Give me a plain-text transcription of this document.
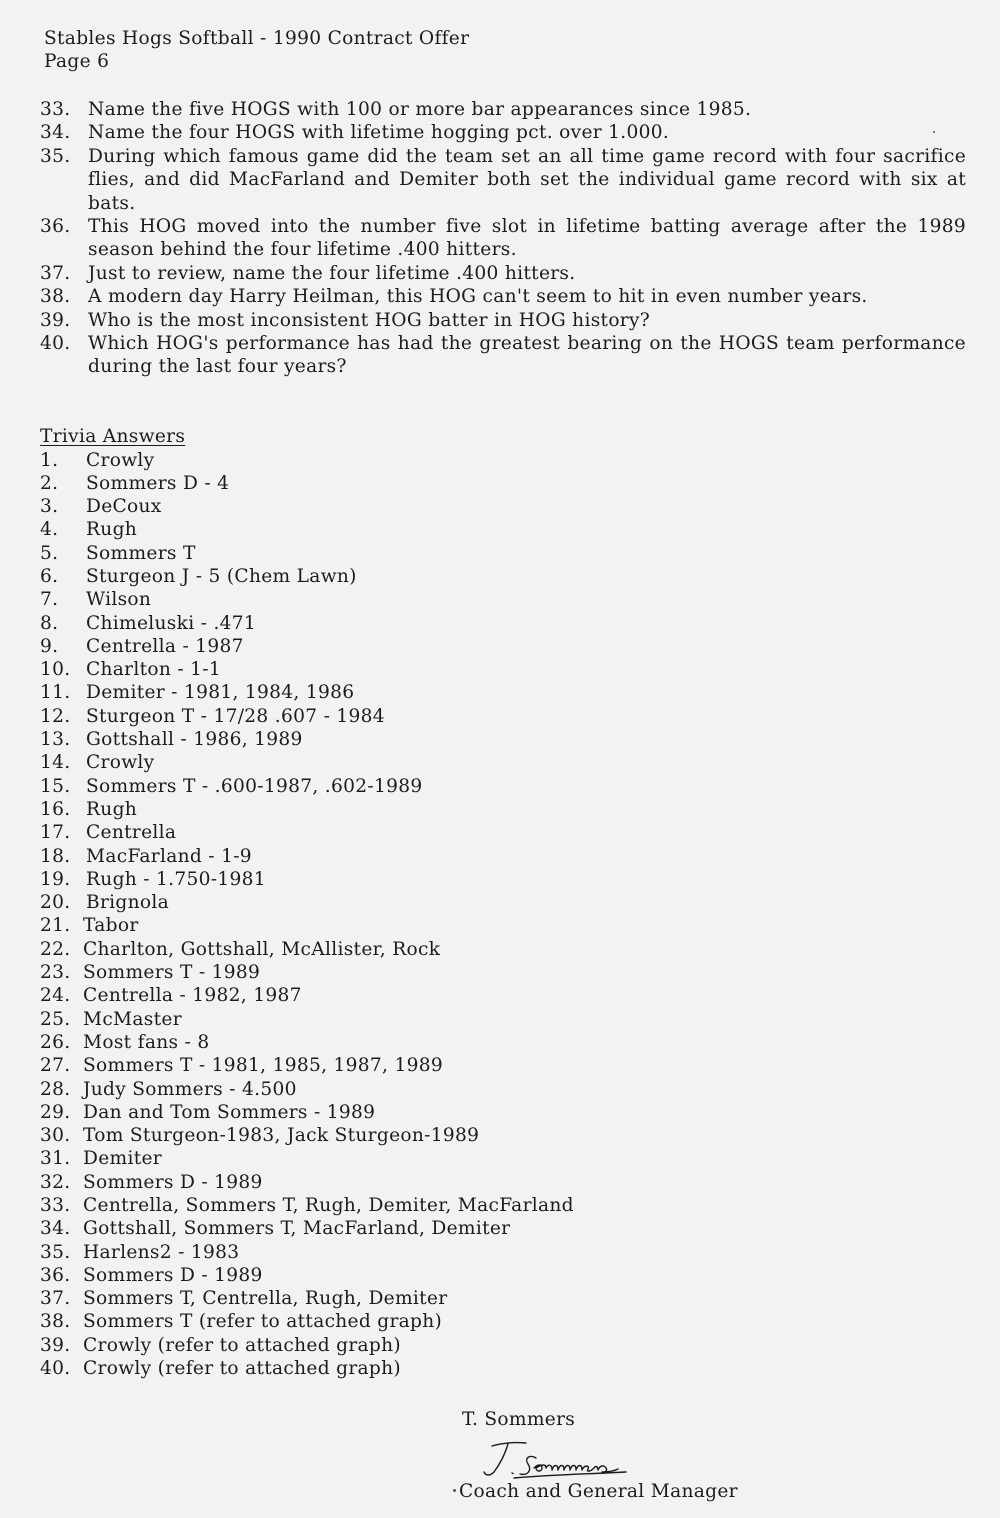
Stables Hogs Softball - 1990 Contract Offer
Page 6
33. Name the five HOGS with 100 or more bar appearances since 1985.
34. Name the four HOGS with lifetime hogging pct. over 1.000.
35. During which famous game did the team set an all time game record with four sacrifice flies, and did MacFarland and Demiter both set the individual game record with six at bats.
36. This HOG moved into the number five slot in lifetime batting average after the 1989 season behind the four lifetime .400 hitters.
37. Just to review, name the four lifetime .400 hitters.
38. A modern day Harry Heilman, this HOG can't seem to hit in even number years.
39. Who is the most inconsistent HOG batter in HOG history?
40. Which HOG's performance has had the greatest bearing on the HOGS team performance during the last four years?
Trivia Answers
1.	Crowly
2.	Sommers D - 4
3.	DeCoux
4.	Rugh
5.	Sommers T
6.	Sturgeon J - 5 (Chem Lawn)
7.	Wilson
8.	Chimeluski - .471
9.	Centrella - 1987
10. Charlton - 1-1
11. Demiter - 1981, 1984, 1986
12. Sturgeon T - 17/28 .607 - 1984
13. Gottshall - 1986, 1989
14. Crowly
15. Sommers T - .600-1987, .602-1989
16. Rugh
17. Centrella
18. MacFarland - 1-9
19. Rugh - 1.750-1981
20. Brignola
21. Tabor
22. Charlton, Gottshall, McAllister, Rock
23. Sommers T - 1989
24. Centrella - 1982, 1987
25. McMaster
26. Most fans - 8
27. Sommers T - 1981, 1985, 1987, 1989
28. Judy Sommers - 4.500
29. Dan and Tom Sommers - 1989
30. Tom Sturgeon-1983, Jack Sturgeon-1989
31. Demiter
32. Sommers D - 1989
33. Centrella, Sommers T, Rugh, Demiter, MacFarland
34. Gottshall, Sommers T, MacFarland, Demiter
35. Harlens2 - 1983
36. Sommers D - 1989
37. Sommers T, Centrella, Rugh, Demiter
38. Sommers T (refer to attached graph)
39. Crowly (refer to attached graph)
40. Crowly (refer to attached graph)
T. Sommers
Coach and General Manager
